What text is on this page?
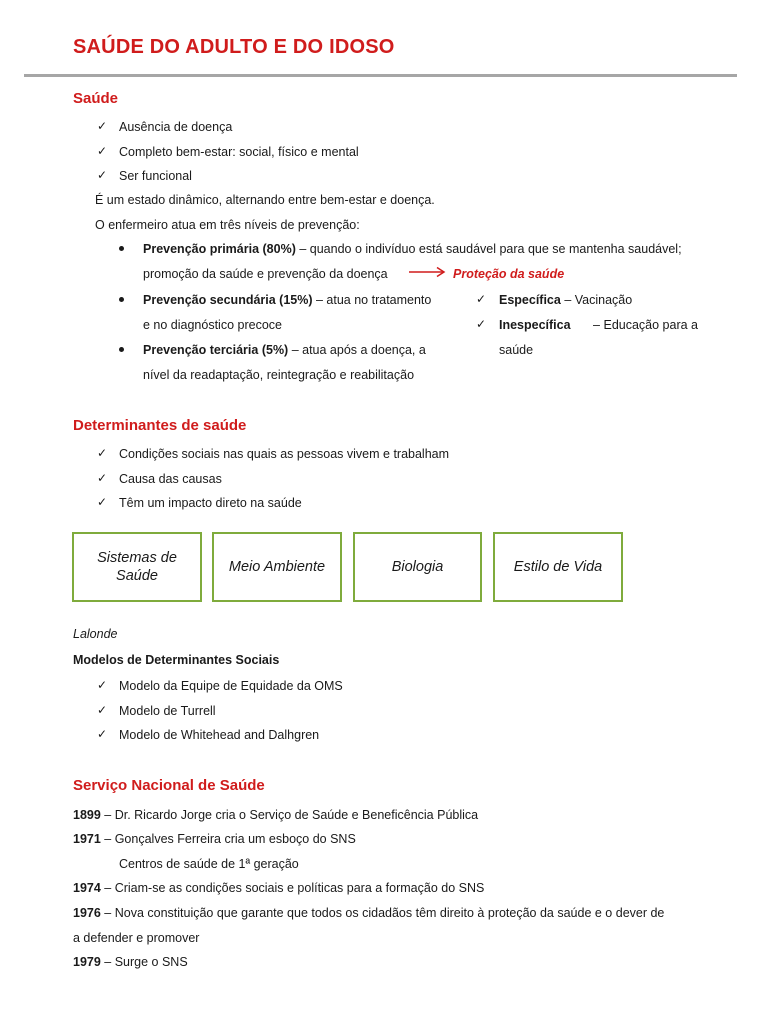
SAÚDE DO ADULTO E DO IDOSO
Saúde
✓ Ausência de doença
✓ Completo bem-estar: social, físico e mental
✓ Ser funcional
É um estado dinâmico, alternando entre bem-estar e doença.
O enfermeiro atua em três níveis de prevenção:
Prevenção primária (80%) – quando o indivíduo está saudável para que se mantenha saudável;
promoção da saúde e prevenção da doença	Proteção da saúde
Prevenção secundária (15%) – atua no tratamento
e no diagnóstico precoce
Prevenção terciária (5%) – atua após a doença, a
nível da readaptação, reintegração e reabilitação
✓ Específica – Vacinação
✓ Inespecífica – Educação para a
saúde
Determinantes de saúde
✓ Condições sociais nas quais as pessoas vivem e trabalham
✓ Causa das causas
✓ Têm um impacto direto na saúde
Sistemas de Saúde
Meio Ambiente	Biologia	Estilo de Vida
Lalonde
Modelos de Determinantes Sociais
✓ Modelo da Equipe de Equidade da OMS
✓ Modelo de Turrell
✓ Modelo de Whitehead and Dalhgren
Serviço Nacional de Saúde
1899 – Dr. Ricardo Jorge cria o Serviço de Saúde e Beneficência Pública
1971 – Gonçalves Ferreira cria um esboço do SNS
Centros de saúde de 1ª geração
1974 – Criam-se as condições sociais e políticas para a formação do SNS
1976 – Nova constituição que garante que todos os cidadãos têm direito à proteção da saúde e o dever de
a defender e promover
1979 – Surge o SNS
